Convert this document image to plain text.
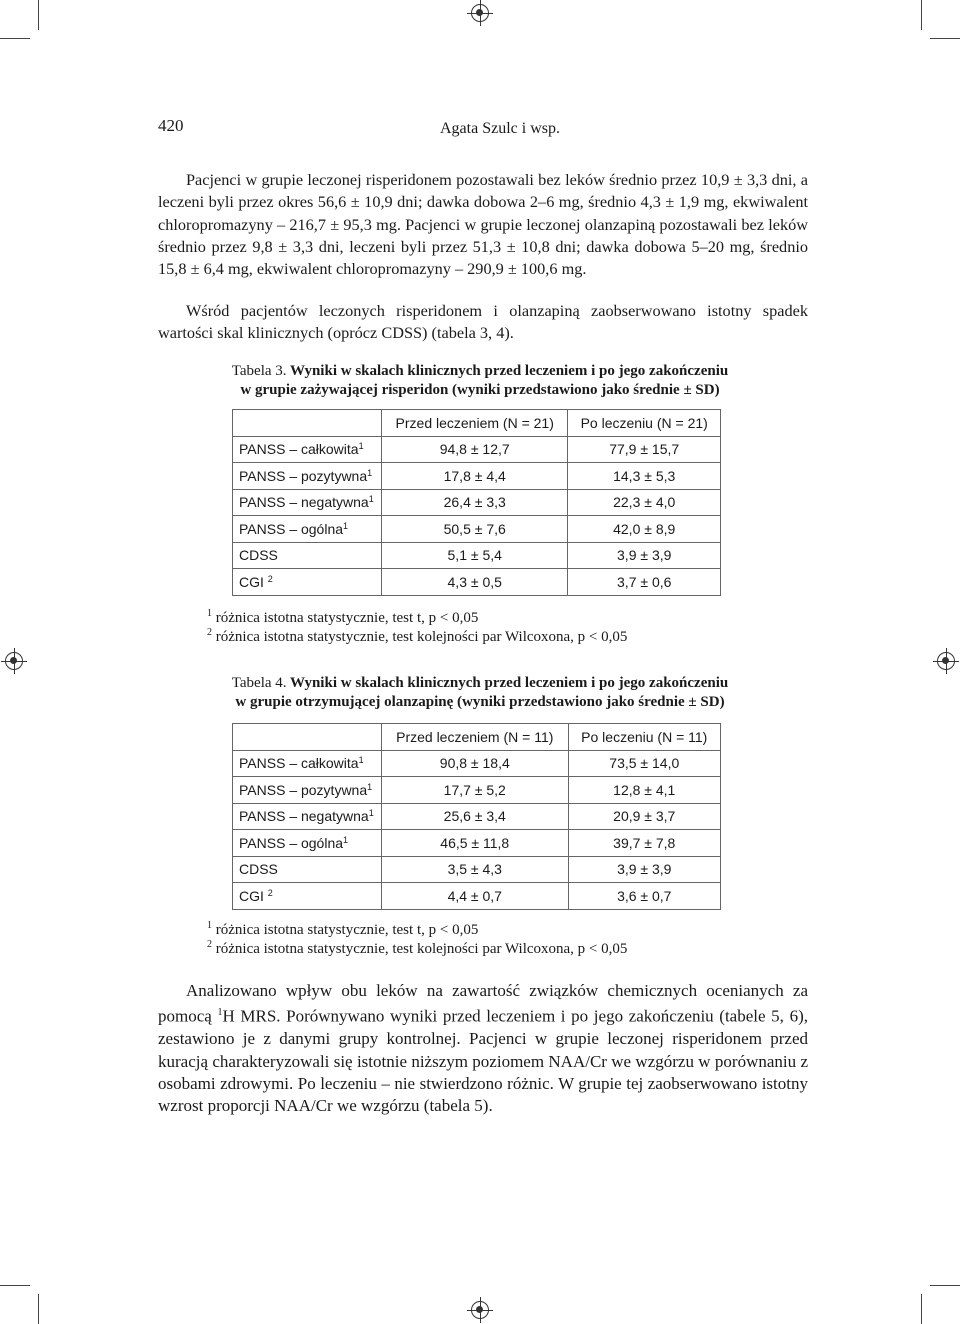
420	Agata Szulc i wsp.

Pacjenci w grupie leczonej risperidonem pozostawali bez leków średnio przez 10,9 ± 3,3 dni, a leczeni byli przez okres 56,6 ± 10,9 dni; dawka dobowa 2–6 mg, średnio 4,3 ± 1,9 mg, ekwiwalent chloropromazyny – 216,7 ± 95,3 mg. Pacjenci w grupie leczonej olanzapiną pozostawali bez leków średnio przez 9,8 ± 3,3 dni, leczeni byli przez 51,3 ± 10,8 dni; dawka dobowa 5–20 mg, średnio 15,8 ± 6,4 mg, ekwiwalent chloropromazyny – 290,9 ± 100,6 mg.

Wśród pacjentów leczonych risperidonem i olanzapiną zaobserwowano istotny spadek wartości skal klinicznych (oprócz CDSS) (tabela 3, 4).

Tabela 3. Wyniki w skalach klinicznych przed leczeniem i po jego zakończeniu
w grupie zażywającej risperidon (wyniki przedstawiono jako średnie ± SD)
	Przed leczeniem (N = 21)	Po leczeniu (N = 21)
PANSS – całkowita$^1$	94,8 ± 12,7	77,9 ± 15,7
PANSS – pozytywna$^1$	17,8 ± 4,4	14,3 ± 5,3
PANSS – negatywna$^1$	26,4 ± 3,3	22,3 ± 4,0
PANSS – ogólna$^1$	50,5 ± 7,6	42,0 ± 8,9
CDSS	5,1 ± 5,4	3,9 ± 3,9
CGI $^2$	4,3 ± 0,5	3,7 ± 0,6
$^1$ różnica istotna statystycznie, test t, p < 0,05
$^2$ różnica istotna statystycznie, test kolejności par Wilcoxona, p < 0,05
Tabela 4. Wyniki w skalach klinicznych przed leczeniem i po jego zakończeniu
w grupie otrzymującej olanzapinę (wyniki przedstawiono jako średnie ± SD)
	Przed leczeniem (N = 11)	Po leczeniu (N = 11)
PANSS – całkowita$^1$	90,8 ± 18,4	73,5 ± 14,0
PANSS – pozytywna$^1$	17,7 ± 5,2	12,8 ± 4,1
PANSS – negatywna$^1$	25,6 ± 3,4	20,9 ± 3,7
PANSS – ogólna$^1$	46,5 ± 11,8	39,7 ± 7,8
CDSS	3,5 ± 4,3	3,9 ± 3,9
CGI $^2$	4,4 ± 0,7	3,6 ± 0,7
$^1$ różnica istotna statystycznie, test t, p < 0,05
$^2$ różnica istotna statystycznie, test kolejności par Wilcoxona, p < 0,05

Analizowano wpływ obu leków na zawartość związków chemicznych ocenianych za pomocą $^1$H MRS. Porównywano wyniki przed leczeniem i po jego zakończeniu (tabele 5, 6), zestawiono je z danymi grupy kontrolnej. Pacjenci w grupie leczonej risperidonem przed kuracją charakteryzowali się istotnie niższym poziomem NAA/Cr we wzgórzu w porównaniu z osobami zdrowymi. Po leczeniu – nie stwierdzono różnic. W grupie tej zaobserwowano istotny wzrost proporcji NAA/Cr we wzgórzu (tabela 5).
